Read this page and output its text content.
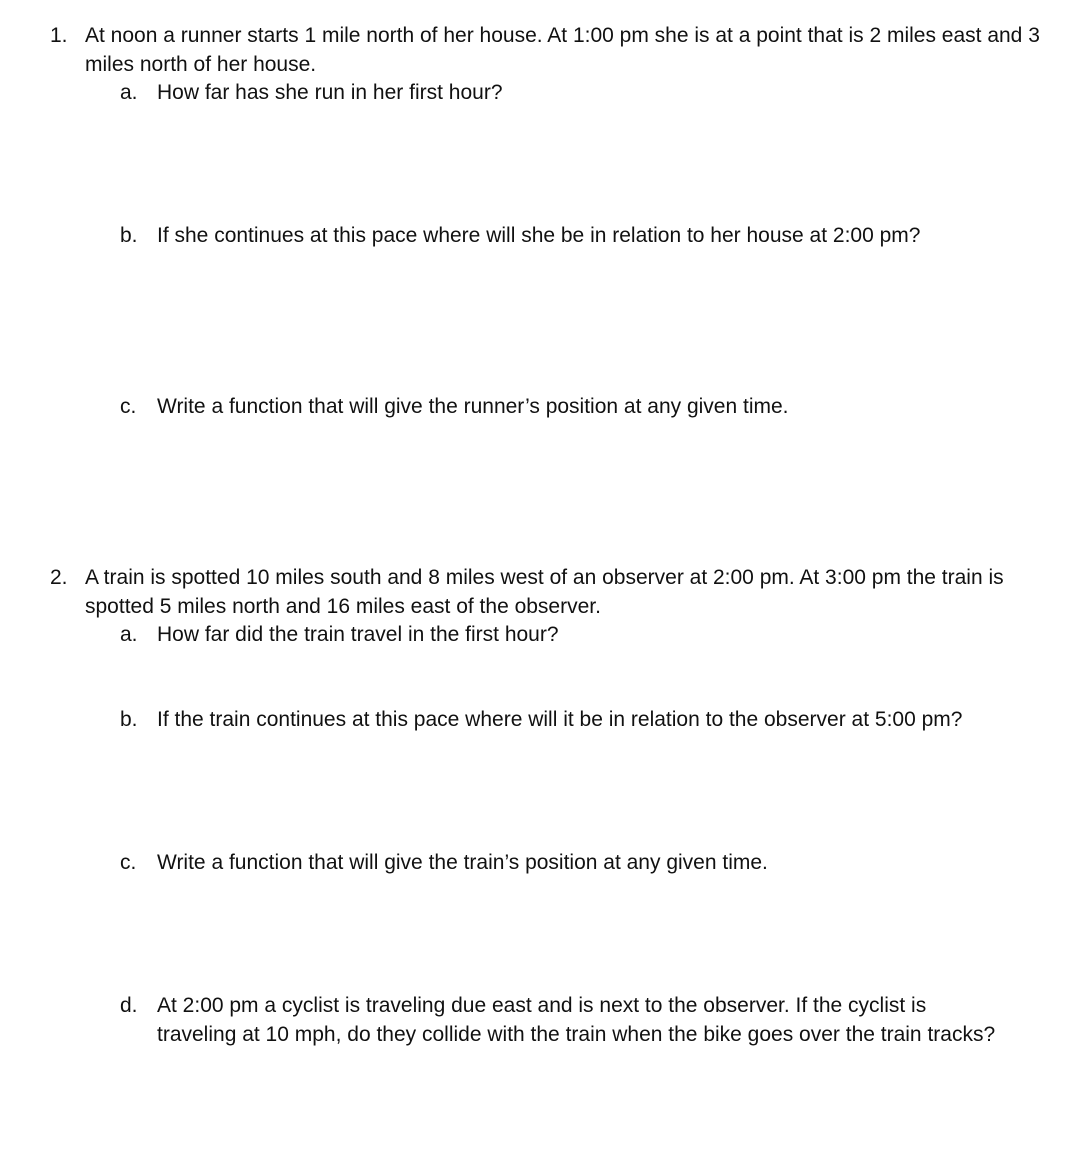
1. At noon a runner starts 1 mile north of her house. At 1:00 pm she is at a point that is 2 miles east and 3 miles north of her house.

a. How far has she run in her first hour?

b. If she continues at this pace where will she be in relation to her house at 2:00 pm?

c. Write a function that will give the runner’s position at any given time.

2. A train is spotted 10 miles south and 8 miles west of an observer at 2:00 pm. At 3:00 pm the train is spotted 5 miles north and 16 miles east of the observer.

a. How far did the train travel in the first hour?

b. If the train continues at this pace where will it be in relation to the observer at 5:00 pm?

c. Write a function that will give the train’s position at any given time.

d. At 2:00 pm a cyclist is traveling due east and is next to the observer. If the cyclist is traveling at 10 mph, do they collide with the train when the bike goes over the train tracks?
